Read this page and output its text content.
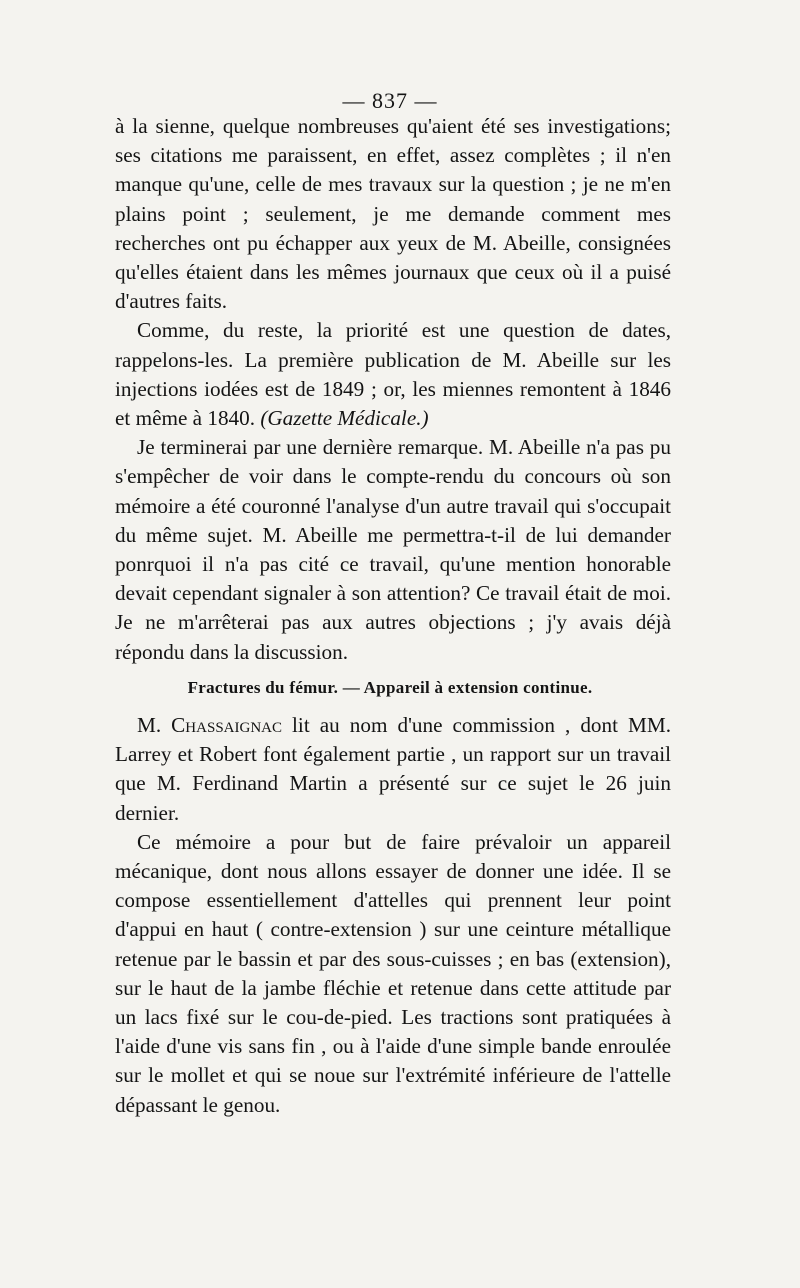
— 837 —

à la sienne, quelque nombreuses qu'aient été ses investigations; ses citations me paraissent, en effet, assez complètes ; il n'en manque qu'une, celle de mes travaux sur la question ; je ne m'en plains point ; seulement, je me demande comment mes recherches ont pu échapper aux yeux de M. Abeille, consignées qu'elles étaient dans les mêmes journaux que ceux où il a puisé d'autres faits.

Comme, du reste, la priorité est une question de dates, rappelons-les. La première publication de M. Abeille sur les injections iodées est de 1849 ; or, les miennes remontent à 1846 et même à 1840. (Gazette Médicale.)

Je terminerai par une dernière remarque. M. Abeille n'a pas pu s'empêcher de voir dans le compte-rendu du concours où son mémoire a été couronné l'analyse d'un autre travail qui s'occupait du même sujet. M. Abeille me permettra-t-il de lui demander ponrquoi il n'a pas cité ce travail, qu'une mention honorable devait cependant signaler à son attention? Ce travail était de moi. Je ne m'arrêterai pas aux autres objections ; j'y avais déjà répondu dans la discussion.

Fractures du fémur. — Appareil à extension continue.

M. Chassaignac lit au nom d'une commission , dont MM. Larrey et Robert font également partie , un rapport sur un travail que M. Ferdinand Martin a présenté sur ce sujet le 26 juin dernier.

Ce mémoire a pour but de faire prévaloir un appareil mécanique, dont nous allons essayer de donner une idée. Il se compose essentiellement d'attelles qui prennent leur point d'appui en haut ( contre-extension ) sur une ceinture métallique retenue par le bassin et par des sous-cuisses ; en bas (extension), sur le haut de la jambe fléchie et retenue dans cette attitude par un lacs fixé sur le cou-de-pied. Les tractions sont pratiquées à l'aide d'une vis sans fin , ou à l'aide d'une simple bande enroulée sur le mollet et qui se noue sur l'extrémité inférieure de l'attelle dépassant le genou.
